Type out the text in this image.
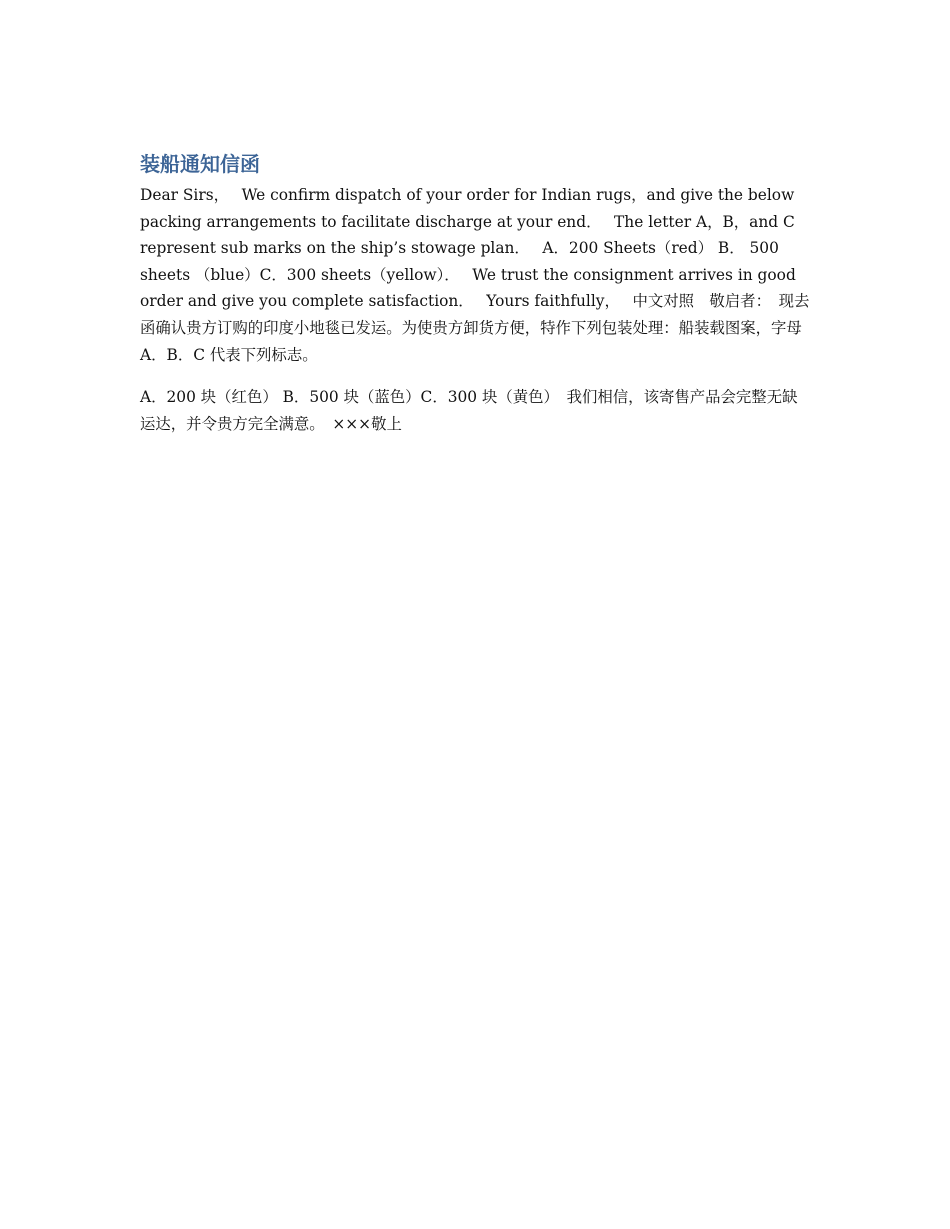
装船通知信函

Dear Sirs，　 We confirm dispatch of your order for Indian rugs，and give the below packing arrangements to facilitate discharge at your end．　 The letter A，B，and C represent sub marks on the ship’s stowage plan．　 A．200 Sheets（red） B． 500 sheets （blue）C．300 sheets（yellow）．　 We trust the consignment arrives in good order and give you complete satisfaction．　 Yours faithfully，　 中文对照　敬启者：　现去函确认贵方订购的印度小地毯已发运。为使贵方卸货方便，特作下列包装处理：船装载图案，字母 A．B．C 代表下列标志。

A．200 块（红色） B．500 块（蓝色）C．300 块（黄色）　我们相信，该寄售产品会完整无缺运达，并令贵方完全满意。　×××敬上
